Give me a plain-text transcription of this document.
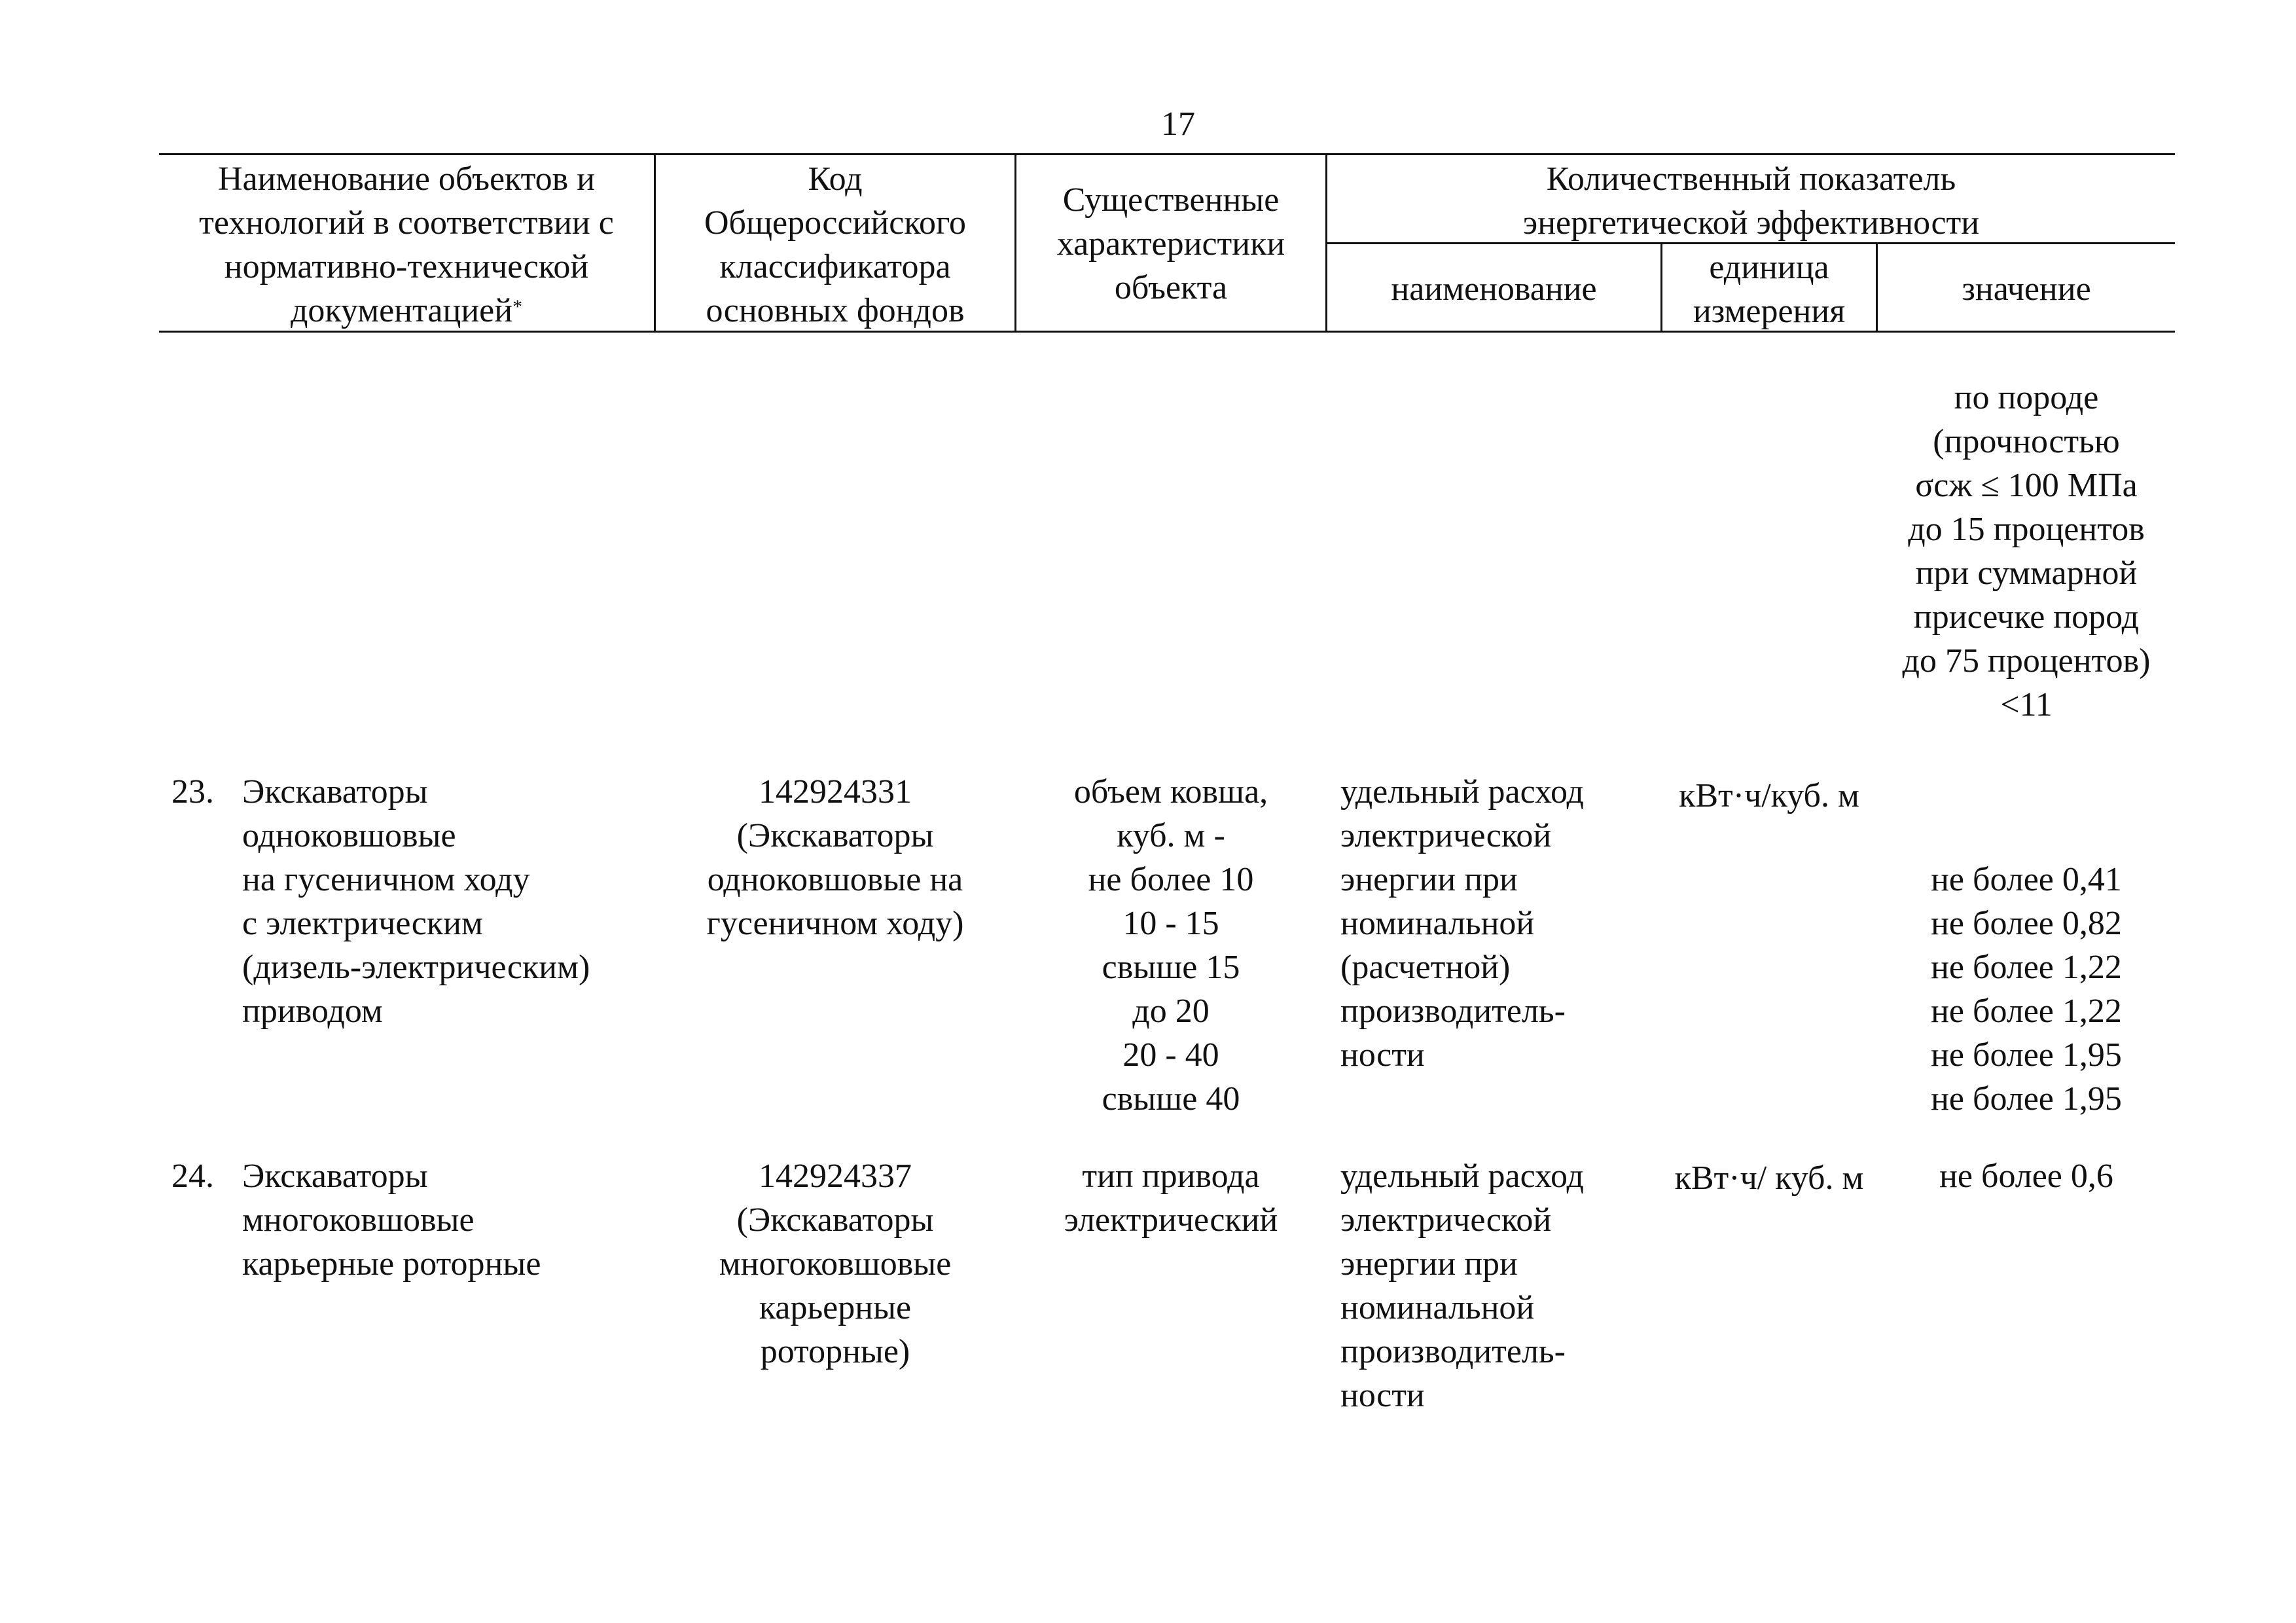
17
Наименование объектов и
технологий в соответствии с
нормативно-технической
документацией*
Код
Общероссийского
классификатора
основных фондов
Существенные
характеристики
объекта
Количественный показатель
энергетической эффективности
наименование
единица
измерения
значение
по породе
(прочностью
σсж ≤ 100 МПа
до 15 процентов
при суммарной
присечке пород
до 75 процентов)
<11
23. Экскаваторы
одноковшовые
на гусеничном ходу
с электрическим
(дизель-электрическим)
приводом
142924331
(Экскаваторы
одноковшовые на
гусеничном ходу)
объем ковша,
куб. м -
не более 10
10 - 15
свыше 15
до 20
20 - 40
свыше 40
удельный расход
электрической
энергии при
номинальной
(расчетной)
производитель-
ности
кВт·ч/куб. м
не более 0,41
не более 0,82
не более 1,22
не более 1,22
не более 1,95
не более 1,95
24. Экскаваторы
многоковшовые
карьерные роторные
142924337
(Экскаваторы
многоковшовые
карьерные
роторные)
тип привода
электрический
удельный расход
электрической
энергии при
номинальной
производитель-
ности
кВт·ч/ куб. м	не более 0,6
